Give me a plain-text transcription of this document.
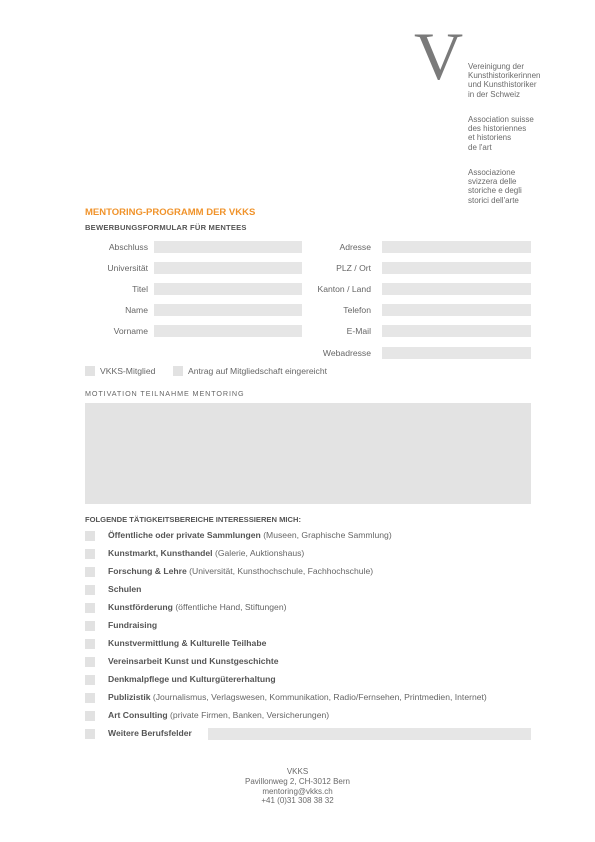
V Vereinigung der
Kunsthistorikerinnen
und Kunsthistoriker
in der Schweiz
Association suisse
des historiennes
et historiens
de l'art
Associazione
svizzera delle
storiche e degli
storici dell'arte
MENTORING-PROGRAMM DER VKKS
BEWERBUNGSFORMULAR FÜR MENTEES
Abschluss
Universität
Titel
Name
Vorname
Adresse
PLZ / Ort
Kanton / Land
Telefon
E-Mail
Webadresse
VKKS-Mitglied	Antrag auf Mitgliedschaft eingereicht
MOTIVATION TEILNAHME MENTORING
FOLGENDE TÄTIGKEITSBEREICHE INTERESSIEREN MICH:
Öffentliche oder private Sammlungen (Museen, Graphische Sammlung)
Kunstmarkt, Kunsthandel (Galerie, Auktionshaus)
Forschung & Lehre (Universität, Kunsthochschule, Fachhochschule)
Schulen
Kunstförderung (öffentliche Hand, Stiftungen)
Fundraising
Kunstvermittlung & Kulturelle Teilhabe
Vereinsarbeit Kunst und Kunstgeschichte
Denkmalpflege und Kulturgütererhaltung
Publizistik (Journalismus, Verlagswesen, Kommunikation, Radio/Fernsehen, Printmedien, Internet)
Art Consulting (private Firmen, Banken, Versicherungen)
Weitere Berufsfelder
VKKS
Pavillonweg 2, CH-3012 Bern
mentoring@vkks.ch
+41 (0)31 308 38 32
